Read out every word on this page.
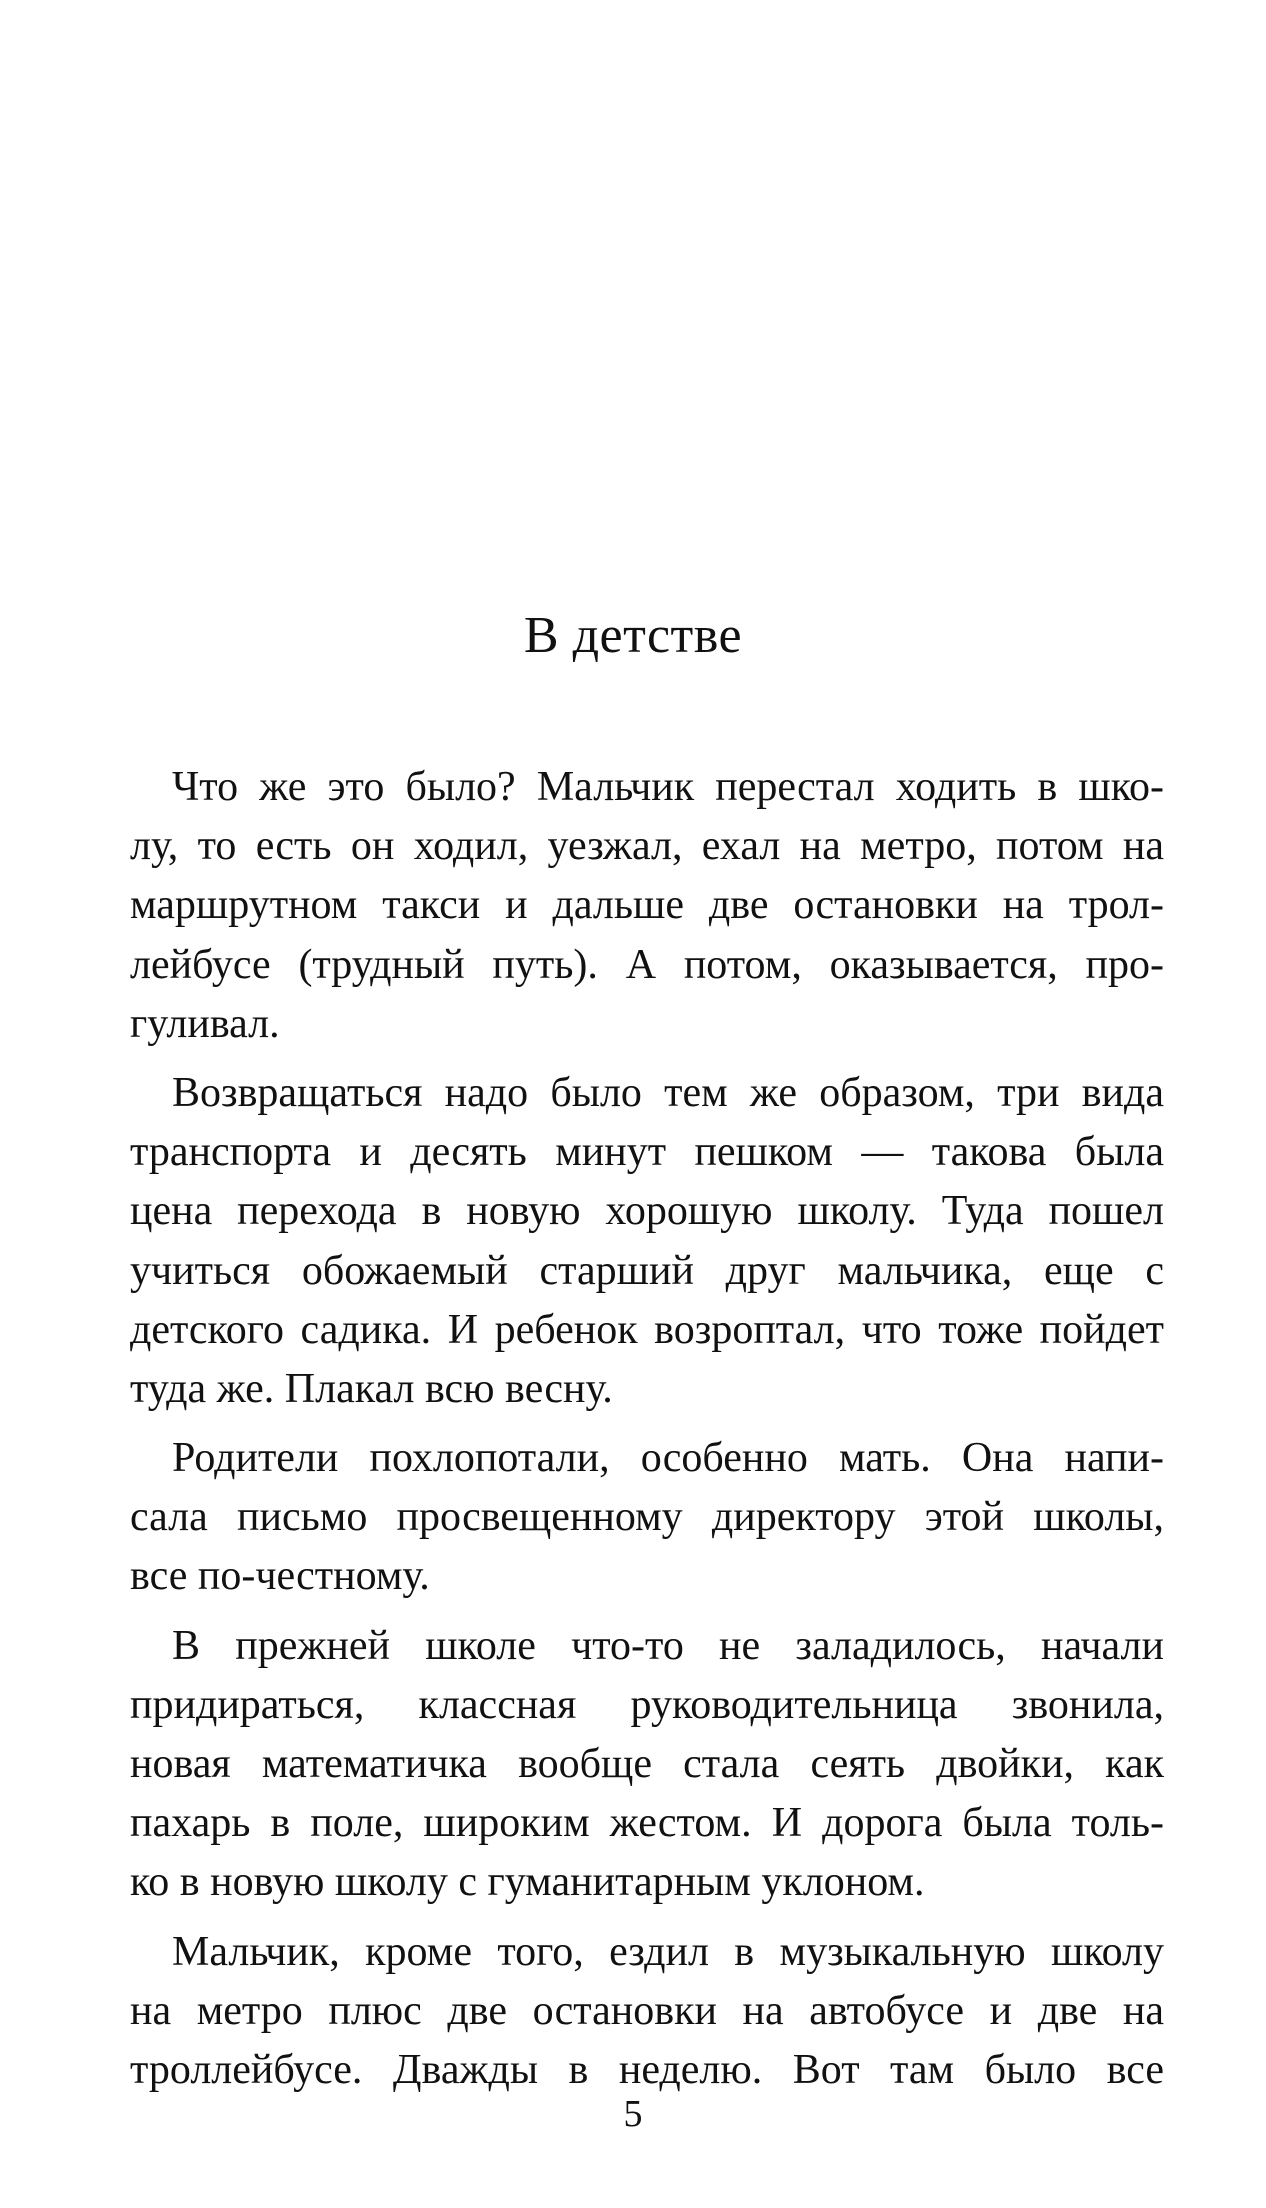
В детстве
Что же это было? Мальчик перестал ходить в шко-
лу, то есть он ходил, уезжал, ехал на метро, потом на
маршрутном такси и дальше две остановки на трол-
лейбусе (трудный путь). А потом, оказывается, про-
гуливал.
Возвращаться надо было тем же образом, три вида
транспорта и десять минут пешком — такова была
цена перехода в новую хорошую школу. Туда пошел
учиться обожаемый старший друг мальчика, еще с
детского садика. И ребенок возроптал, что тоже пойдет
туда же. Плакал всю весну.
Родители похлопотали, особенно мать. Она напи-
сала письмо просвещенному директору этой школы,
все по-честному.
В прежней школе что-то не заладилось, начали
придираться, классная руководительница звонила,
новая математичка вообще стала сеять двойки, как
пахарь в поле, широким жестом. И дорога была толь-
ко в новую школу с гуманитарным уклоном.
Мальчик, кроме того, ездил в музыкальную школу
на метро плюс две остановки на автобусе и две на
троллейбусе. Дважды в неделю. Вот там было все
5
